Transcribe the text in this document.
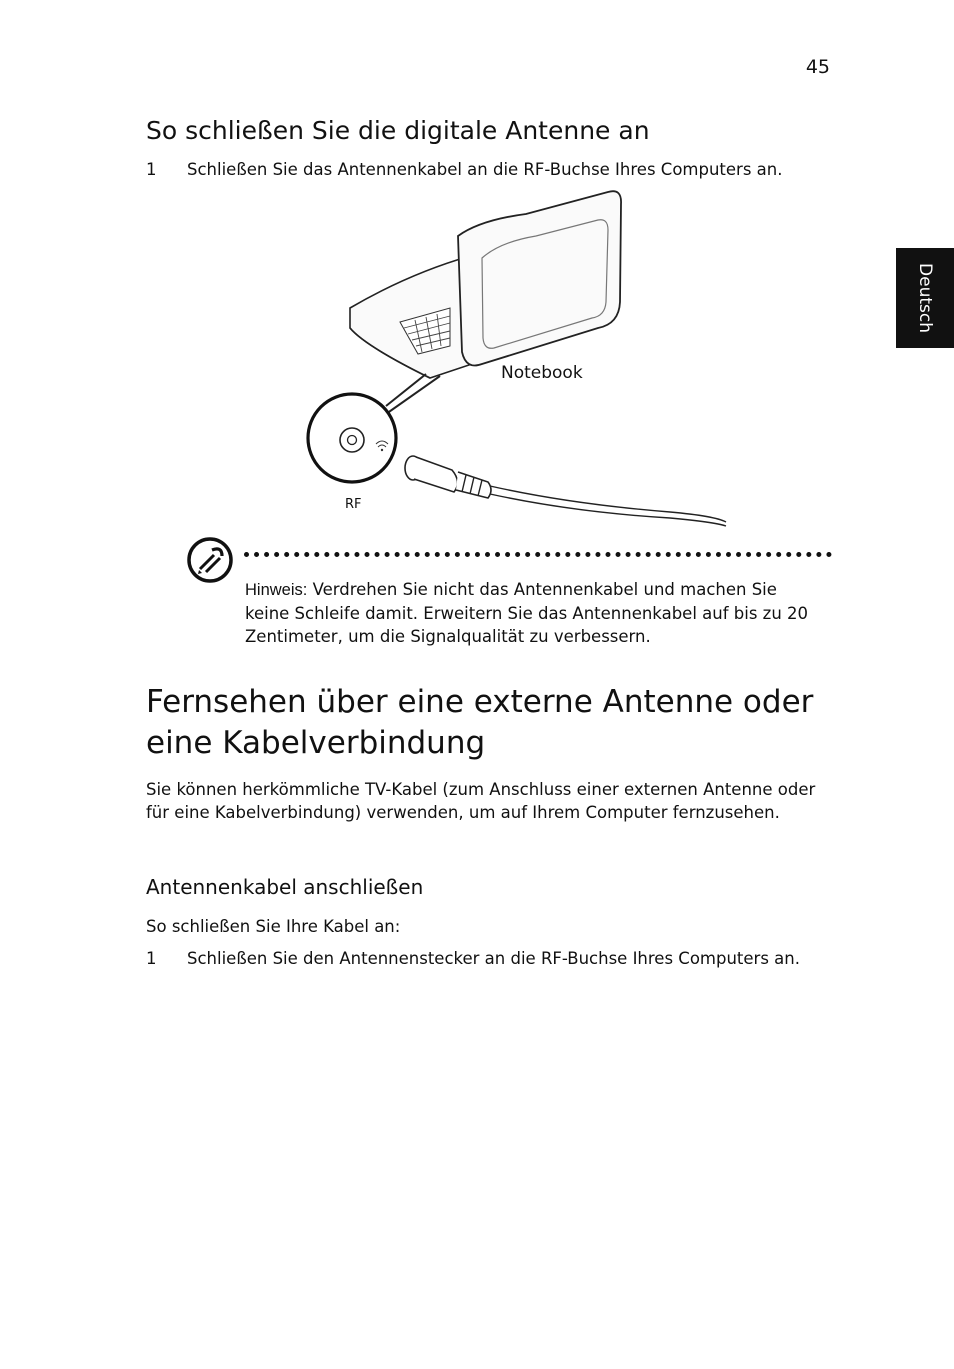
45
Deutsch
So schließen Sie die digitale Antenne an
1 Schließen Sie das Antennenkabel an die RF-Buchse Ihres Computers an.
Notebook
RF
Hinweis: Verdrehen Sie nicht das Antennenkabel und machen Sie keine Schleife damit. Erweitern Sie das Antennenkabel auf bis zu 20 Zentimeter, um die Signalqualität zu verbessern.
Fernsehen über eine externe Antenne oder eine Kabelverbindung
Sie können herkömmliche TV-Kabel (zum Anschluss einer externen Antenne oder für eine Kabelverbindung) verwenden, um auf Ihrem Computer fernzusehen.
Antennenkabel anschließen
So schließen Sie Ihre Kabel an:
1 Schließen Sie den Antennenstecker an die RF-Buchse Ihres Computers an.
